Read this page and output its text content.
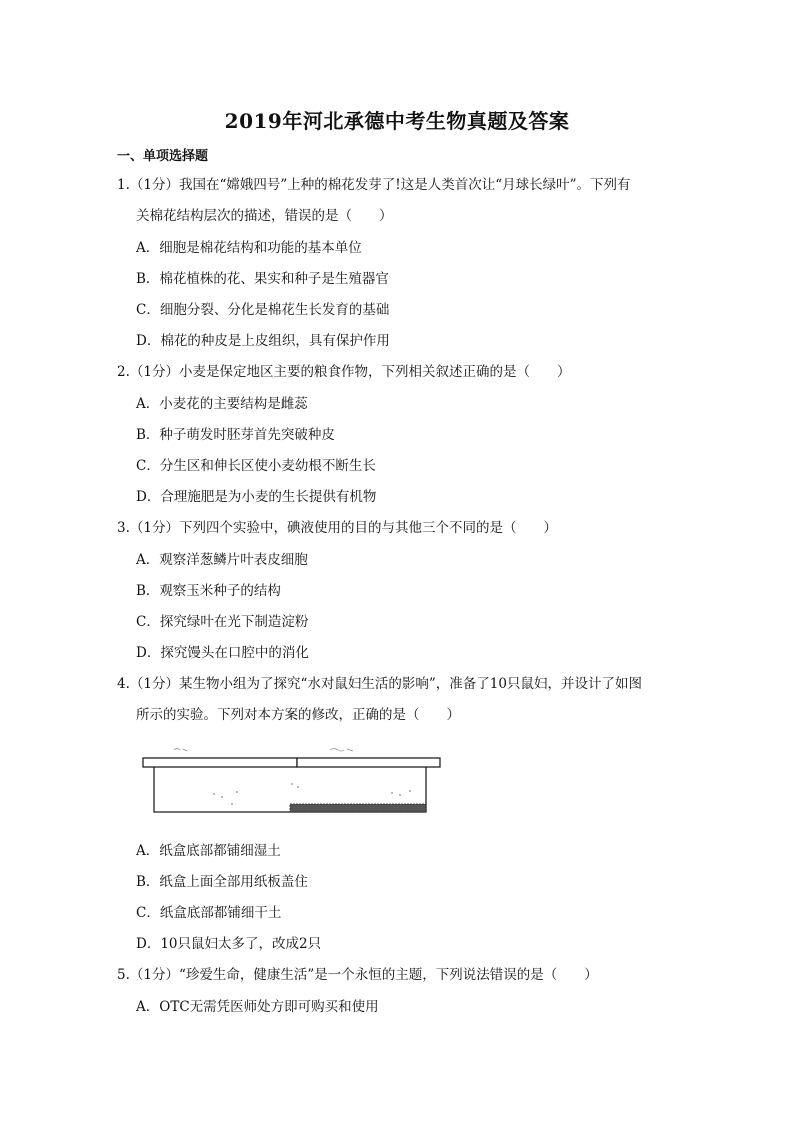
2019年河北承德中考生物真题及答案
一、单项选择题
1.（1分）我国在“嫦娥四号”上种的棉花发芽了!这是人类首次让“月球长绿叶”。下列有
关棉花结构层次的描述，错误的是（　　）
A．细胞是棉花结构和功能的基本单位
B．棉花植株的花、果实和种子是生殖器官
C．细胞分裂、分化是棉花生长发育的基础
D．棉花的种皮是上皮组织，具有保护作用
2.（1分）小麦是保定地区主要的粮食作物，下列相关叙述正确的是（　　）
A．小麦花的主要结构是雌蕊
B．种子萌发时胚芽首先突破种皮
C．分生区和伸长区使小麦幼根不断生长
D．合理施肥是为小麦的生长提供有机物
3.（1分）下列四个实验中，碘液使用的目的与其他三个不同的是（　　）
A．观察洋葱鳞片叶表皮细胞
B．观察玉米种子的结构
C．探究绿叶在光下制造淀粉
D．探究馒头在口腔中的消化
4.（1分）某生物小组为了探究“水对鼠妇生活的影响”，准备了10只鼠妇，并设计了如图
所示的实验。下列对本方案的修改，正确的是（　　）
A．纸盒底部都铺细湿土
B．纸盒上面全部用纸板盖住
C．纸盒底部都铺细干土
D．10只鼠妇太多了，改成2只
5.（1分）“珍爱生命，健康生活”是一个永恒的主题，下列说法错误的是（　　）
A．OTC无需凭医师处方即可购买和使用
